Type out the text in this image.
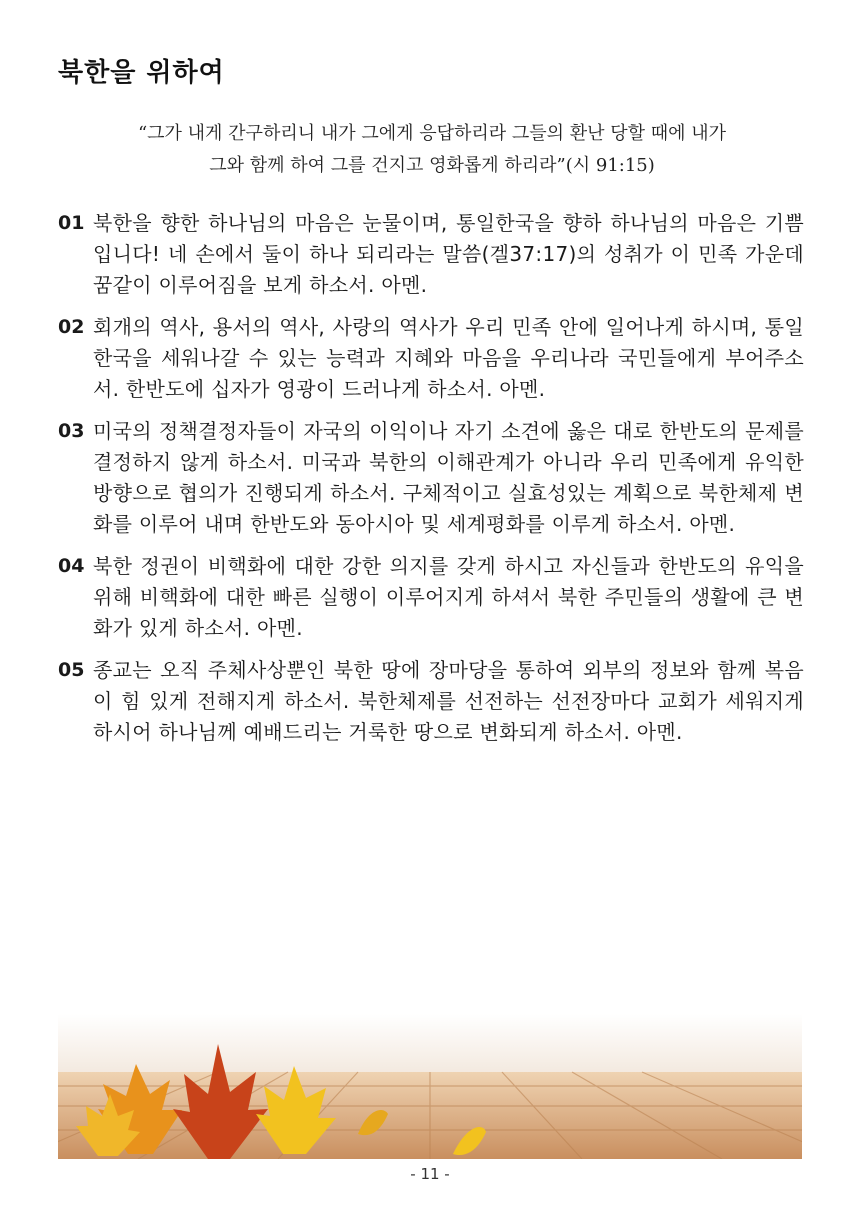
북한을 위하여
“그가 내게 간구하리니 내가 그에게 응답하리라 그들의 환난 당할 때에 내가
그와 함께 하여 그를 건지고 영화롭게 하리라”(시 91:15)
01 북한을 향한 하나님의 마음은 눈물이며, 통일한국을 향하 하나님의 마음은 기쁨입니다! 네 손에서 둘이 하나 되리라는 말씀(겔37:17)의 성취가 이 민족 가운데 꿈같이 이루어짐을 보게 하소서. 아멘.
02 회개의 역사, 용서의 역사, 사랑의 역사가 우리 민족 안에 일어나게 하시며, 통일 한국을 세워나갈 수 있는 능력과 지혜와 마음을 우리나라 국민들에게 부어주소서. 한반도에 십자가 영광이 드러나게 하소서. 아멘.
03 미국의 정책결정자들이 자국의 이익이나 자기 소견에 옳은 대로 한반도의 문제를 결정하지 않게 하소서. 미국과 북한의 이해관계가 아니라 우리 민족에게 유익한 방향으로 협의가 진행되게 하소서. 구체적이고 실효성있는 계획으로 북한체제 변화를 이루어 내며 한반도와 동아시아 및 세계평화를 이루게 하소서. 아멘.
04 북한 정권이 비핵화에 대한 강한 의지를 갖게 하시고 자신들과 한반도의 유익을 위해 비핵화에 대한 빠른 실행이 이루어지게 하셔서 북한 주민들의 생활에 큰 변화가 있게 하소서. 아멘.
05 종교는 오직 주체사상뿐인 북한 땅에 장마당을 통하여 외부의 정보와 함께 복음이 힘 있게 전해지게 하소서. 북한체제를 선전하는 선전장마다 교회가 세워지게 하시어 하나님께 예배드리는 거룩한 땅으로 변화되게 하소서. 아멘.
- 11 -
